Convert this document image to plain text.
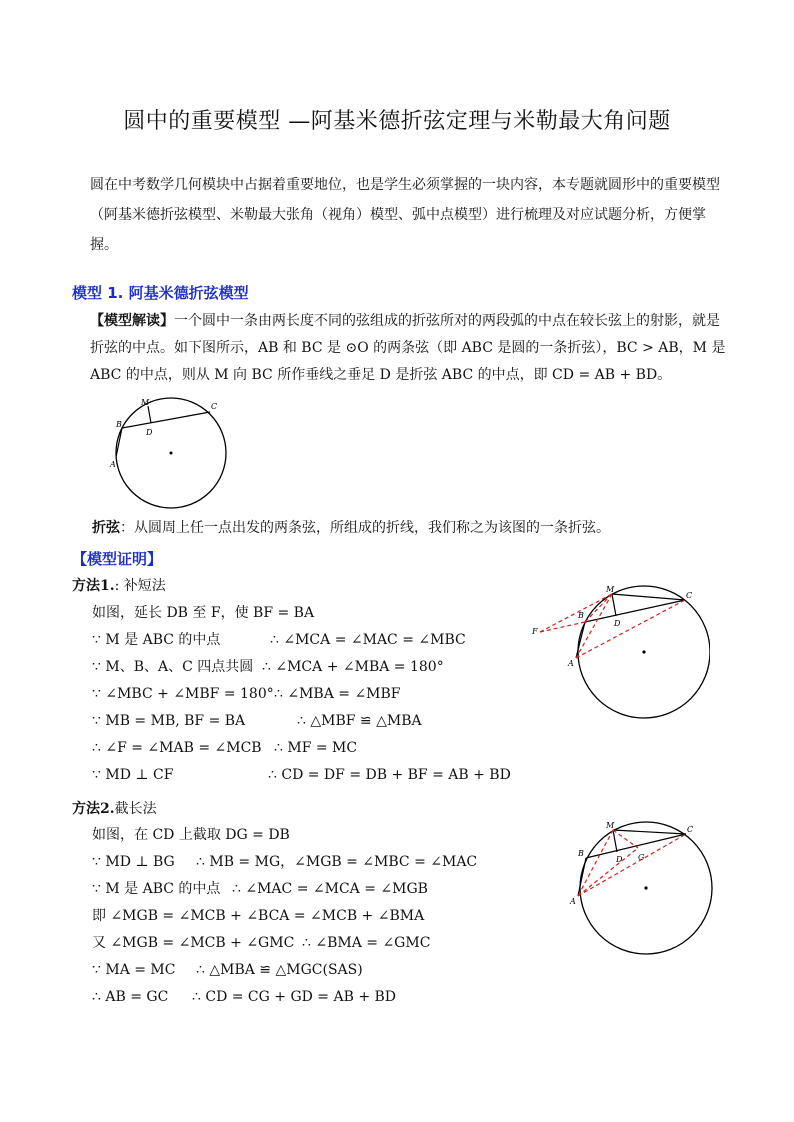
圆中的重要模型 —阿基米德折弦定理与米勒最大角问题
圆在中考数学几何模块中占据着重要地位，也是学生必须掌握的一块内容，本专题就圆形中的重要模型（阿基米德折弦模型、米勒最大张角（视角）模型、弧中点模型）进行梳理及对应试题分析，方便掌握。
模型 1. 阿基米德折弦模型
【模型解读】一个圆中一条由两长度不同的弦组成的折弦所对的两段弧的中点在较长弦上的射影，就是折弦的中点。如下图所示，AB 和 BC 是 ⊙O 的两条弦（即 ABC 是圆的一条折弦），BC > AB，M 是 ABC 的中点，则从 M 向 BC 所作垂线之垂足 D 是折弦 ABC 的中点，即 CD = AB + BD。
M	C
B
D
A
折弦：从圆周上任一点出发的两条弦，所组成的折线，我们称之为该图的一条折弦。
【模型证明】
方法1.: 补短法
如图，延长 DB 至 F，使 BF = BA
∵ M 是 ABC 的中点	∴ ∠MCA = ∠MAC = ∠MBC
∵ M、B、A、C 四点共圆 ∴ ∠MCA + ∠MBA = 180°
∵ ∠MBC + ∠MBF = 180° ∴ ∠MBA = ∠MBF
∵ MB = MB, BF = BA	∴ △MBF ≌ △MBA
∴ ∠F = ∠MAB = ∠MCB ∴ MF = MC
∵ MD ⊥ CF	∴ CD = DF = DB + BF = AB + BD
M
C
B
D
A
F
方法2.截长法
如图，在 CD 上截取 DG = DB
∵ MD ⊥ BG ∴ MB = MG，∠MGB = ∠MBC = ∠MAC
∵ M 是 ABC 的中点 ∴ ∠MAC = ∠MCA = ∠MGB
即 ∠MGB = ∠MCB + ∠BCA = ∠MCB + ∠BMA
又 ∠MGB = ∠MCB + ∠GMC ∴ ∠BMA = ∠GMC
∵ MA = MC ∴ △MBA ≌ △MGC(SAS)
∴ AB = GC ∴ CD = CG + GD = AB + BD
M	C
B
D G
A
